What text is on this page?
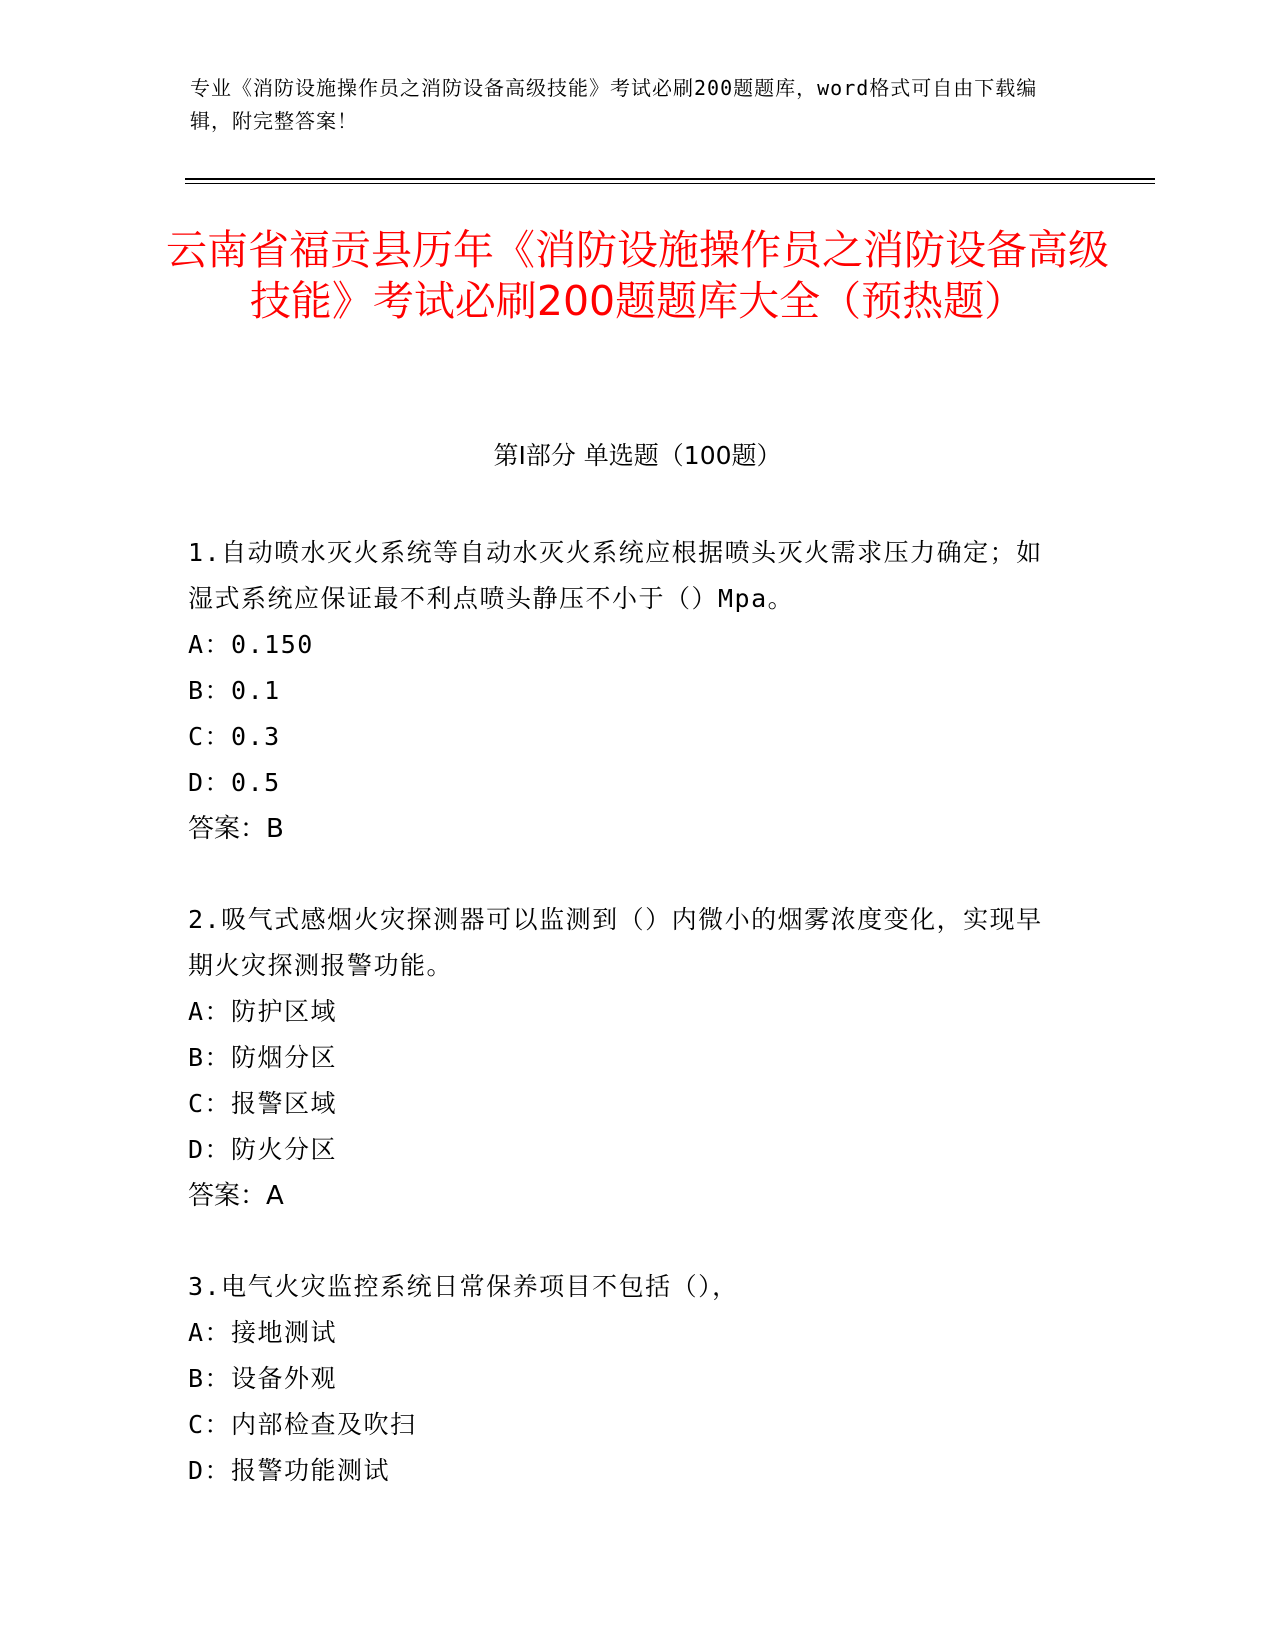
专业《消防设施操作员之消防设备高级技能》考试必刷200题题库，word格式可自由下载编辑，附完整答案！
云南省福贡县历年《消防设施操作员之消防设备高级技能》考试必刷200题题库大全（预热题）
第Ⅰ部分 单选题（100题）
1.自动喷水灭火系统等自动水灭火系统应根据喷头灭火需求压力确定；如湿式系统应保证最不利点喷头静压不小于（）Mpa。
A：0.150
B：0.1
C：0.3
D：0.5
答案：B
2.吸气式感烟火灾探测器可以监测到（）内微小的烟雾浓度变化，实现早期火灾探测报警功能。
A：防护区域
B：防烟分区
C：报警区域
D：防火分区
答案：A
3.电气火灾监控系统日常保养项目不包括（），
A：接地测试
B：设备外观
C：内部检查及吹扫
D：报警功能测试
